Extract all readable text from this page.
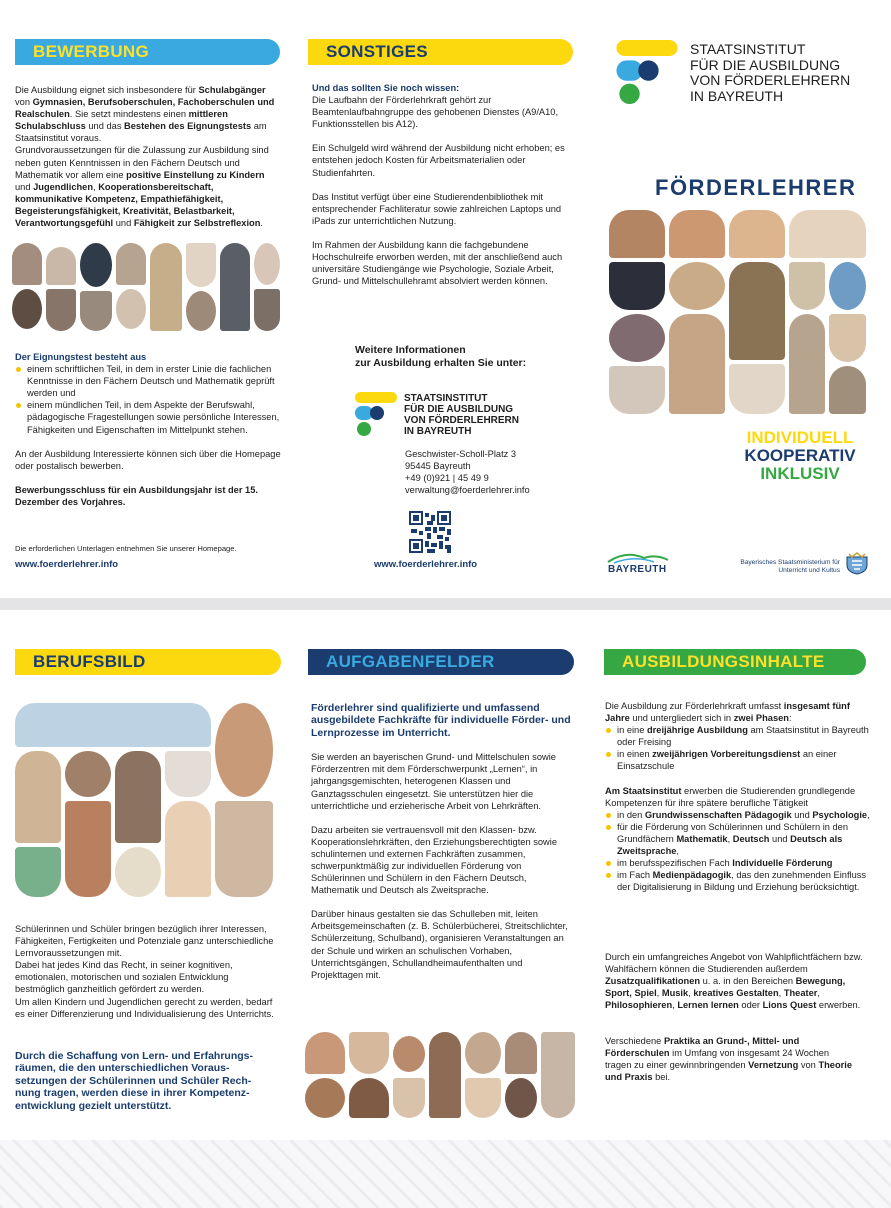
BEWERBUNG

Die Ausbildung eignet sich insbesondere für Schulabgänger von Gymnasien, Berufsoberschulen, Fachoberschulen und Realschulen. Sie setzt mindestens einen mittleren Schulabschluss und das Bestehen des Eignungstests am Staatsinstitut voraus.

Grundvoraussetzungen für die Zulassung zur Ausbildung sind neben guten Kenntnissen in den Fächern Deutsch und Mathematik vor allem eine positive Einstellung zu Kindern und Jugendlichen, Kooperationsbereitschaft, kommunikative Kompetenz, Empathiefähigkeit, Begeisterungsfähigkeit, Kreativität, Belastbarkeit, Verantwortungsgefühl und Fähigkeit zur Selbstreflexion.

Der Eignungstest besteht aus

einem schriftlichen Teil, in dem in erster Linie die fachlichen Kenntnisse in den Fächern Deutsch und Mathematik geprüft werden und
einem mündlichen Teil, in dem Aspekte der Berufswahl, pädagogische Fragestellungen sowie persönliche Interessen, Fähigkeiten und Eigenschaften im Mittelpunkt stehen.

An der Ausbildung Interessierte können sich über die Homepage oder postalisch bewerben.

Bewerbungsschluss für ein Ausbildungsjahr ist der 15. Dezember des Vorjahres.

Die erforderlichen Unterlagen entnehmen Sie unserer Homepage.
www.foerderlehrer.info
SONSTIGES

Und das sollten Sie noch wissen:

Die Laufbahn der Förderlehrkraft gehört zur Beamtenlaufbahngruppe des gehobenen Dienstes (A9/A10, Funktionsstellen bis A12).

Ein Schulgeld wird während der Ausbildung nicht erhoben; es entstehen jedoch Kosten für Arbeitsmaterialien oder Studienfahrten.

Das Institut verfügt über eine Studierendenbibliothek mit entsprechender Fachliteratur sowie zahlreichen Laptops und iPads zur unterrichtlichen Nutzung.

Im Rahmen der Ausbildung kann die fachgebundene Hochschulreife erworben werden, mit der anschließend auch universitäre Studiengänge wie Psychologie, Soziale Arbeit, Grund- und Mittelschullehramt absolviert werden können.

Weitere Informationen

zur Ausbildung erhalten Sie unter:

STAATSINSTITUT
FÜR DIE AUSBILDUNG
VON FÖRDERLEHRERN
IN BAYREUTH

Geschwister-Scholl-Platz 3

95445 Bayreuth

+49 (0)921 | 45 49 9

verwaltung@foerderlehrer.info

www.foerderlehrer.info
STAATSINSTITUT
FÜR DIE AUSBILDUNG
VON FÖRDERLEHRERN
IN BAYREUTH
FÖRDERLEHRER
INDIVIDUELL
KOOPERATIV
INKLUSIV
BAYREUTH
Bayerisches Staatsministerium für
Unterricht und Kultus
BERUFSBILD

Schülerinnen und Schüler bringen bezüglich ihrer Interessen, Fähigkeiten, Fertigkeiten und Potenziale ganz unterschiedliche Lernvoraussetzungen mit.

Dabei hat jedes Kind das Recht, in seiner kognitiven, emotionalen, motorischen und sozialen Entwicklung bestmöglich ganzheitlich gefördert zu werden.

Um allen Kindern und Jugendlichen gerecht zu werden, bedarf es einer Differenzierung und Individualisierung des Unterrichts.

Durch die Schaffung von Lern- und Erfahrungs-

räumen, die den unterschiedlichen Voraus-

setzungen der Schülerinnen und Schüler Rech-

nung tragen, werden diese in ihrer Kompetenz-

entwicklung gezielt unterstützt.

AUFGABENFELDER

Förderlehrer sind qualifizierte und umfassend ausgebildete Fachkräfte für individuelle Förder- und Lernprozesse im Unterricht.

Sie werden an bayerischen Grund- und Mittelschulen sowie Förderzentren mit dem Förderschwerpunkt „Lernen“, in jahrgangsgemischten, heterogenen Klassen und Ganztagsschulen eingesetzt. Sie unterstützen hier die unterrichtliche und erzieherische Arbeit von Lehrkräften.

Dazu arbeiten sie vertrauensvoll mit den Klassen- bzw. Kooperationslehrkräften, den Erziehungsberechtigten sowie schulinternen und externen Fachkräften zusammen, schwerpunktmäßig zur individuellen Förderung von Schülerinnen und Schülern in den Fächern Deutsch, Mathematik und Deutsch als Zweitsprache.

Darüber hinaus gestalten sie das Schulleben mit, leiten Arbeitsgemeinschaften (z. B. Schülerbücherei, Streitschlichter, Schülerzeitung, Schulband), organisieren Veranstaltungen an der Schule und wirken an schulischen Vorhaben, Unterrichtsgängen, Schullandheimaufenthalten und Projekttagen mit.

AUSBILDUNGSINHALTE

Die Ausbildung zur Förderlehrkraft umfasst insgesamt fünf Jahre und untergliedert sich in zwei Phasen:

in eine dreijährige Ausbildung am Staatsinstitut in Bayreuth oder Freising
in einen zweijährigen Vorbereitungsdienst an einer Einsatzschule

Am Staatsinstitut erwerben die Studierenden grundlegende Kompetenzen für ihre spätere berufliche Tätigkeit

in den Grundwissenschaften Pädagogik und Psychologie,
für die Förderung von Schülerinnen und Schülern in den Grundfächern Mathematik, Deutsch und Deutsch als Zweitsprache,
im berufsspezifischen Fach Individuelle Förderung
im Fach Medienpädagogik, das den zunehmenden Einfluss der Digitalisierung in Bildung und Erziehung berücksichtigt.
Durch ein umfangreiches Angebot von Wahlpflichtfächern bzw. Wahlfächern können die Studierenden außerdem Zusatzqualifikationen u. a. in den Bereichen Bewegung, Sport, Spiel, Musik, kreatives Gestalten, Theater, Philosophieren, Lernen lernen oder Lions Quest erwerben.
Verschiedene Praktika an Grund-, Mittel- und Förderschulen im Umfang von insgesamt 24 Wochen tragen zu einer gewinnbringenden Vernetzung von Theorie und Praxis bei.
